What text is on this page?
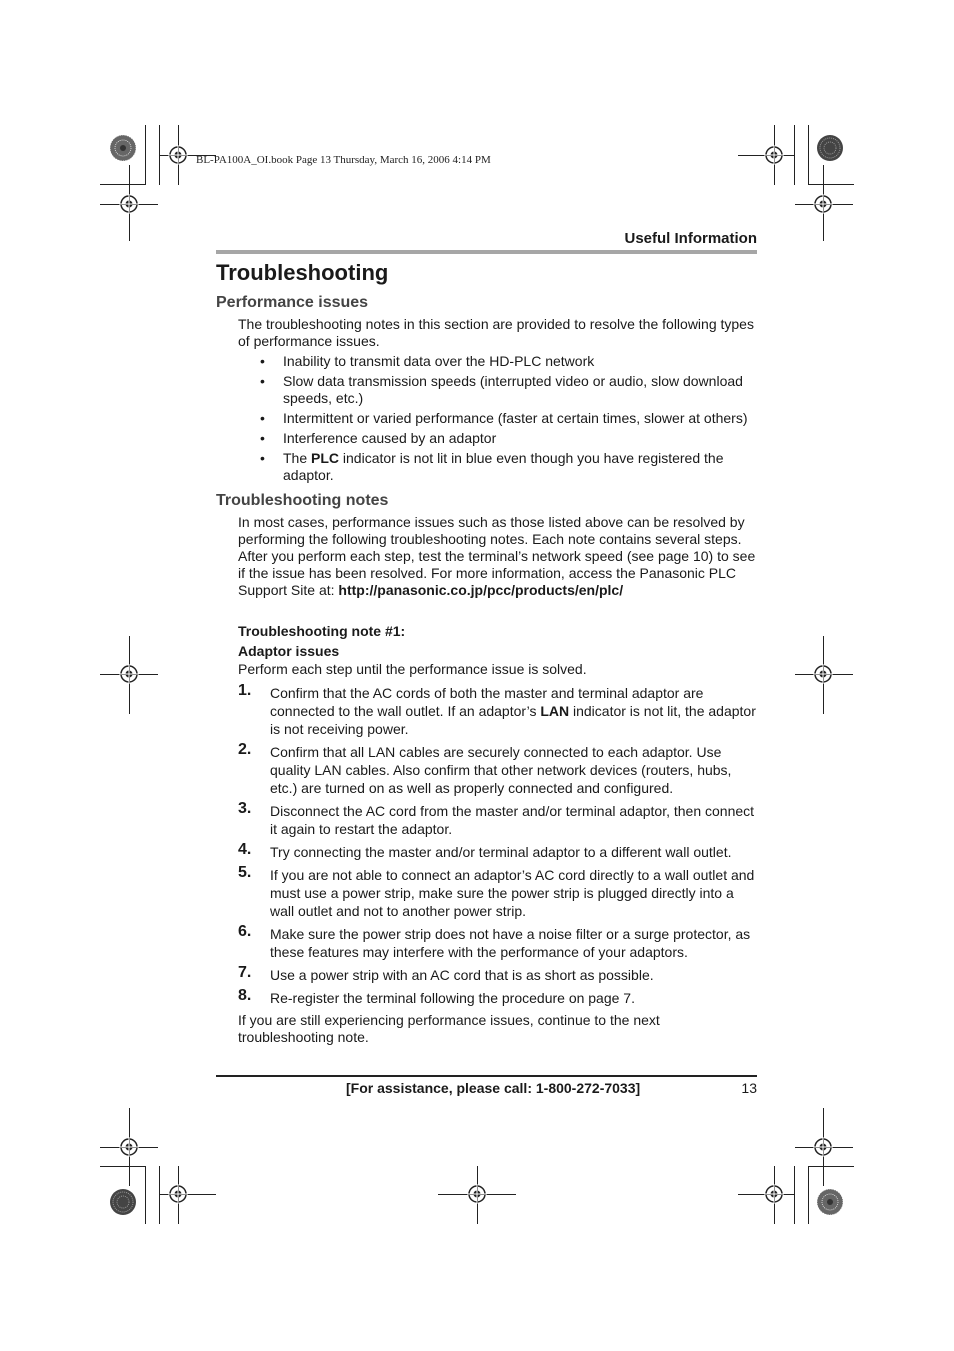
BL-PA100A_OI.book Page 13 Thursday, March 16, 2006 4:14 PM
Useful Information
Troubleshooting
Performance issues

The troubleshooting notes in this section are provided to resolve the following types of performance issues.

• Inability to transmit data over the HD-PLC network
• Slow data transmission speeds (interrupted video or audio, slow download speeds, etc.)
• Intermittent or varied performance (faster at certain times, slower at others)
• Interference caused by an adaptor
• The PLC indicator is not lit in blue even though you have registered the adaptor.
Troubleshooting notes

In most cases, performance issues such as those listed above can be resolved by performing the following troubleshooting notes. Each note contains several steps. After you perform each step, test the terminal’s network speed (see page 10) to see if the issue has been resolved. For more information, access the Panasonic PLC Support Site at: http://panasonic.co.jp/pcc/products/en/plc/

Troubleshooting note #1:

Adaptor issues

Perform each step until the performance issue is solved.

1. Confirm that the AC cords of both the master and terminal adaptor are connected to the wall outlet. If an adaptor’s LAN indicator is not lit, the adaptor is not receiving power.
2. Confirm that all LAN cables are securely connected to each adaptor. Use quality LAN cables. Also confirm that other network devices (routers, hubs, etc.) are turned on as well as properly connected and configured.
3. Disconnect the AC cord from the master and/or terminal adaptor, then connect it again to restart the adaptor.
4. Try connecting the master and/or terminal adaptor to a different wall outlet.
5. If you are not able to connect an adaptor’s AC cord directly to a wall outlet and must use a power strip, make sure the power strip is plugged directly into a wall outlet and not to another power strip.
6. Make sure the power strip does not have a noise filter or a surge protector, as these features may interfere with the performance of your adaptors.
7. Use a power strip with an AC cord that is as short as possible.
8. Re-register the terminal following the procedure on page 7.

If you are still experiencing performance issues, continue to the next troubleshooting note.

[For assistance, please call: 1-800-272-7033]	13
